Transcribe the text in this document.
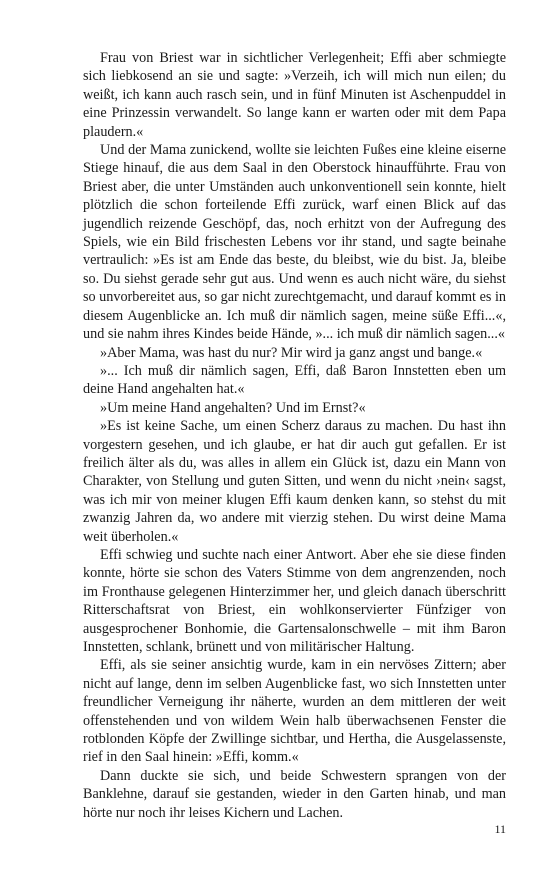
Frau von Briest war in sichtlicher Verlegenheit; Effi aber schmiegte sich liebkosend an sie und sagte: »Verzeih, ich will mich nun eilen; du weißt, ich kann auch rasch sein, und in fünf Minuten ist Aschenpuddel in eine Prinzessin verwandelt. So lange kann er warten oder mit dem Papa plaudern.«

Und der Mama zunickend, wollte sie leichten Fußes eine kleine eiserne Stiege hinauf, die aus dem Saal in den Oberstock hinaufführte. Frau von Briest aber, die unter Umständen auch unkonventionell sein konnte, hielt plötzlich die schon forteilende Effi zurück, warf einen Blick auf das jugendlich reizende Geschöpf, das, noch erhitzt von der Aufregung des Spiels, wie ein Bild frischesten Lebens vor ihr stand, und sagte beinahe vertraulich: »Es ist am Ende das beste, du bleibst, wie du bist. Ja, bleibe so. Du siehst gerade sehr gut aus. Und wenn es auch nicht wäre, du siehst so unvorbereitet aus, so gar nicht zurechtgemacht, und darauf kommt es in diesem Augenblicke an. Ich muß dir nämlich sagen, meine süße Effi...«, und sie nahm ihres Kindes beide Hände, »... ich muß dir nämlich sagen...«

»Aber Mama, was hast du nur? Mir wird ja ganz angst und bange.«

»... Ich muß dir nämlich sagen, Effi, daß Baron Innstetten eben um deine Hand angehalten hat.«

»Um meine Hand angehalten? Und im Ernst?«

»Es ist keine Sache, um einen Scherz daraus zu machen. Du hast ihn vorgestern gesehen, und ich glaube, er hat dir auch gut gefallen. Er ist freilich älter als du, was alles in allem ein Glück ist, dazu ein Mann von Charakter, von Stellung und guten Sitten, und wenn du nicht ›nein‹ sagst, was ich mir von meiner klugen Effi kaum denken kann, so stehst du mit zwanzig Jahren da, wo andere mit vierzig stehen. Du wirst deine Mama weit überholen.«

Effi schwieg und suchte nach einer Antwort. Aber ehe sie diese finden konnte, hörte sie schon des Vaters Stimme von dem angrenzenden, noch im Fronthause gelegenen Hinterzimmer her, und gleich danach überschritt Ritterschaftsrat von Briest, ein wohlkonservierter Fünfziger von ausgesprochener Bonhomie, die Gartensalonschwelle – mit ihm Baron Innstetten, schlank, brünett und von militärischer Haltung.

Effi, als sie seiner ansichtig wurde, kam in ein nervöses Zittern; aber nicht auf lange, denn im selben Augenblicke fast, wo sich Innstetten unter freundlicher Verneigung ihr näherte, wurden an dem mittleren der weit offenstehenden und von wildem Wein halb überwachsenen Fenster die rotblonden Köpfe der Zwillinge sichtbar, und Hertha, die Ausgelassenste, rief in den Saal hinein: »Effi, komm.«

Dann duckte sie sich, und beide Schwestern sprangen von der Banklehne, darauf sie gestanden, wieder in den Garten hinab, und man hörte nur noch ihr leises Kichern und Lachen.

11
